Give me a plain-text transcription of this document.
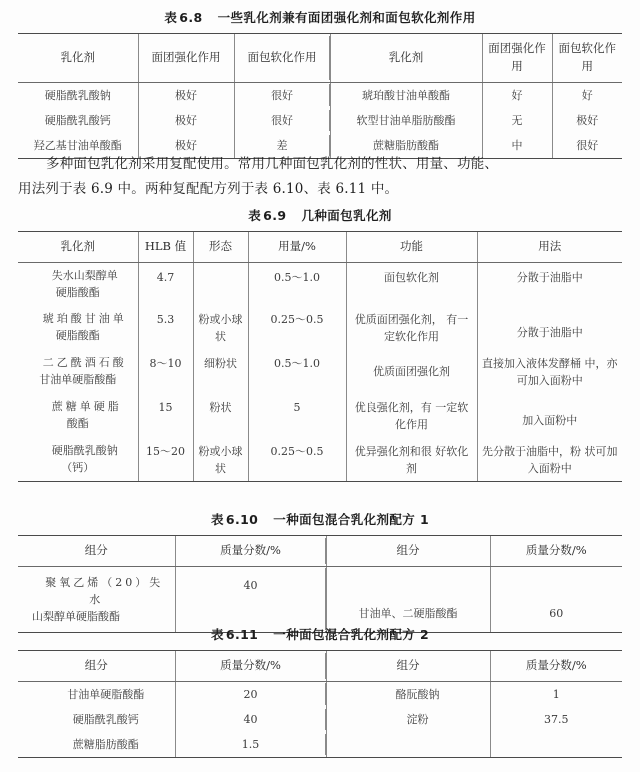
表 6.8 一些乳化剂兼有面团强化剂和面包软化剂作用
乳化剂	面团强化作用	面包软化作用	乳化剂	面团强化作用	面包软化作用
硬脂酰乳酸钠	极好	很好	琥珀酸甘油单酸酯	好	好
硬脂酰乳酸钙	极好	很好	软型甘油单脂肪酸酯	无	极好
羟乙基甘油单酸酯	极好	差	蔗糖脂肪酸酯	中	很好

多种面包乳化剂采用复配使用。常用几种面包乳化剂的性状、用量、功能、
用法列于表 6.9 中。两种复配配方列于表 6.10、表 6.11 中。

表 6.9 几种面包乳化剂
乳化剂	HLB 值	形态	用量/%	功能	用法

失水山梨醇单
硬脂酸酯	4.7		0.5～1.0	面包软化剂	分散于油脂中

琥珀酸甘油单
硬脂酸酯	5.3	粉或小球状	0.25～0.5	优质面团强化剂， 有一定软化作用	分散于油脂中

二乙酰酒石酸
甘油单硬脂酸酯	8～10	细粉状	0.5～1.0	优质面团强化剂	直接加入液体发酵桶 中，亦可加入面粉中

蔗糖单硬脂
酸酯	15	粉状	5	优良强化剂，有 一定软化作用	加入面粉中

硬脂酰乳酸钠
（钙）	15～20	粉或小球状	0.25～0.5	优异强化剂和很 好软化剂	先分散于油脂中，粉 状可加入面粉中
表 6.10 一种面包混合乳化剂配方 1
组分	质量分数/%	组分	质量分数/%
聚氧乙烯（20）失水
山梨醇单硬脂酸酯	40	甘油单、二硬脂酸酯	60
表 6.11 一种面包混合乳化剂配方 2
组分	质量分数/%	组分	质量分数/%
甘油单硬脂酸酯	20	酪朊酸钠	1
硬脂酰乳酸钙	40	淀粉	37.5
蔗糖脂肪酸酯	1.5		
